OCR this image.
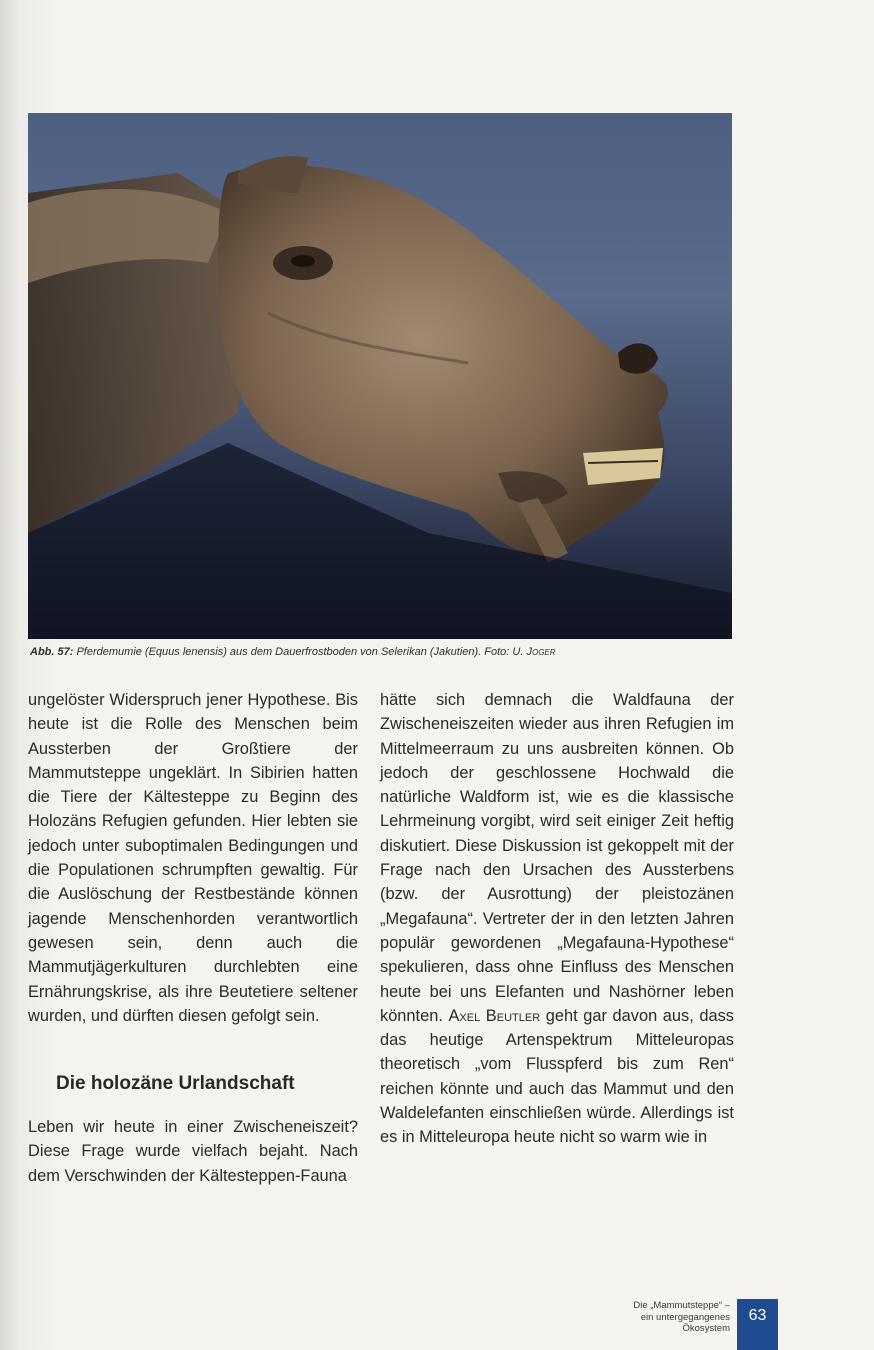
Abb. 57: Pferdemumie (Equus lenensis) aus dem Dauerfrostboden von Selerikan (Jakutien). Foto: U. Joger

ungelöster Widerspruch jener Hypothese. Bis heute ist die Rolle des Menschen beim Aussterben der Großtiere der Mammutsteppe ungeklärt. In Sibirien hatten die Tiere der Kältesteppe zu Beginn des Holozäns Refugien gefunden. Hier lebten sie jedoch unter suboptimalen Bedingungen und die Populationen schrumpften gewaltig. Für die Auslöschung der Restbestände können jagende Menschenhorden verantwortlich gewesen sein, denn auch die Mammutjägerkulturen durchlebten eine Ernährungskrise, als ihre Beutetiere seltener wurden, und dürften diesen gefolgt sein.

Die holozäne Urlandschaft

Leben wir heute in einer Zwischeneiszeit? Diese Frage wurde vielfach bejaht. Nach dem Verschwinden der Kältesteppen-Fauna

hätte sich demnach die Waldfauna der Zwischeneiszeiten wieder aus ihren Refugien im Mittelmeerraum zu uns ausbreiten können. Ob jedoch der geschlossene Hochwald die natürliche Waldform ist, wie es die klassische Lehrmeinung vorgibt, wird seit einiger Zeit heftig diskutiert. Diese Diskussion ist gekoppelt mit der Frage nach den Ursachen des Aussterbens (bzw. der Ausrottung) der pleistozänen „Megafauna“. Vertreter der in den letzten Jahren populär gewordenen „Megafauna-Hypothese“ spekulieren, dass ohne Einfluss des Menschen heute bei uns Elefanten und Nashörner leben könnten. Axel Beutler geht gar davon aus, dass das heutige Artenspektrum Mitteleuropas theoretisch „vom Flusspferd bis zum Ren“ reichen könnte und auch das Mammut und den Waldelefanten einschließen würde. Allerdings ist es in Mitteleuropa heute nicht so warm wie in

Die „Mammutsteppe“ –
ein untergegangenes
Ökosystem
63
